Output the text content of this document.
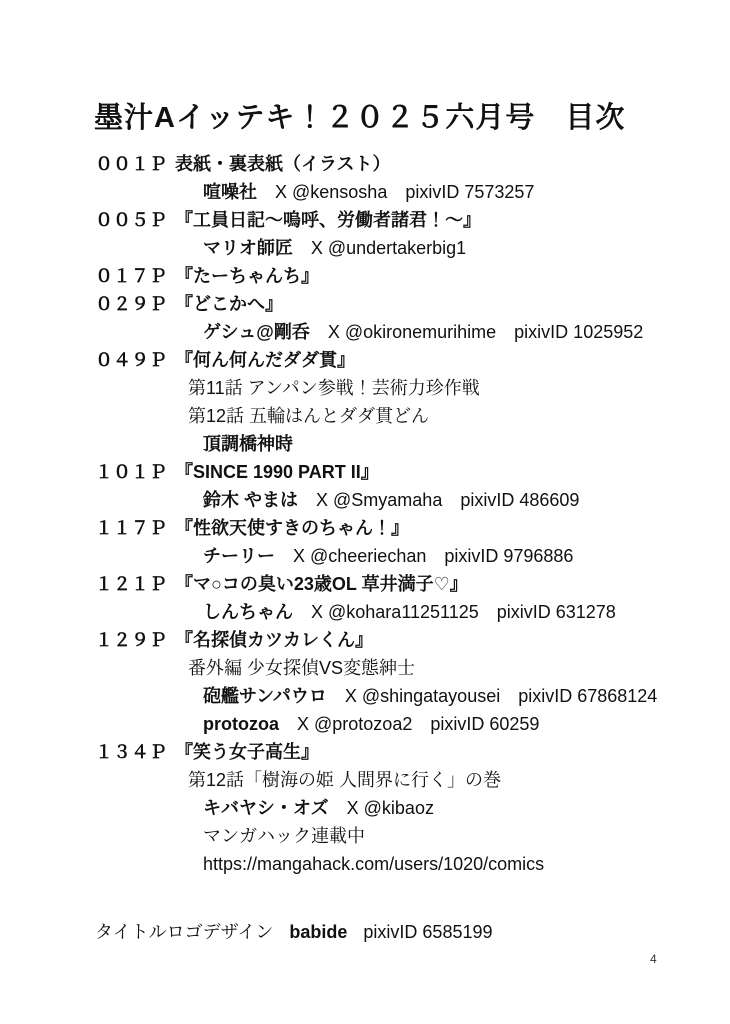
墨汁Aイッテキ！２０２５六月号　目次
００１Ｐ 表紙・裏表紙（イラスト）
喧噪社 X @kensosha　pixivID 7573257
００５Ｐ 『工員日記～嗚呼、労働者諸君！～』
マリオ師匠 X @undertakerbig1
０１７Ｐ 『たーちゃんち』
０２９Ｐ 『どこかへ』
ゲシュ@剛呑 X @okironemurihime　pixivID 1025952
０４９Ｐ 『何ん何んだダダ貫』
第11話 アンパン参戦！芸術力珍作戦
第12話 五輪はんとダダ貫どん
頂調橋神時
１０１Ｐ 『SINCE 1990 PART II』
鈴木 やまは X @Smyamaha　pixivID 486609
１１７Ｐ 『性欲天使すきのちゃん！』
チーリー X @cheeriechan　pixivID 9796886
１２１Ｐ 『マ○コの臭い23歳OL 草井満子♡』
しんちゃん X @kohara11251125　pixivID 631278
１２９Ｐ 『名探偵カツカレくん』
番外編 少女探偵VS変態紳士
砲艦サンパウロ X @shingatayousei　pixivID 67868124
protozoa X @protozoa2　pixivID 60259
１３４Ｐ 『笑う女子高生』
第12話「樹海の姫 人間界に行く」の巻
キバヤシ・オズ X @kibaoz
マンガハック連載中
https://mangahack.com/users/1020/comics
タイトルロゴデザイン babide pixivID 6585199
4
